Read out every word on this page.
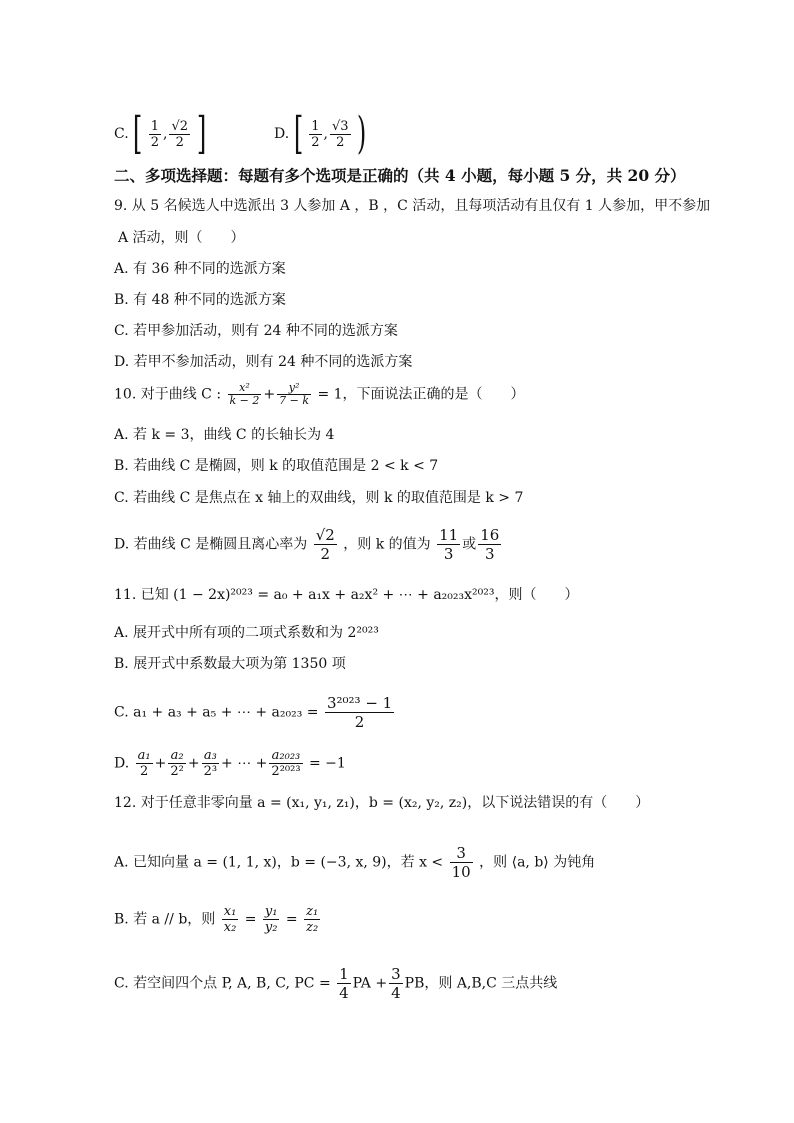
C. [ $\frac{1}{2}$ , $\frac{√2}{2}$ ]	D. [ $\frac{1}{2}$ , $\frac{√3}{2}$ )
二、多项选择题：每题有多个选项是正确的（共 4 小题，每小题 5 分，共 20 分）
9. 从 5 名候选人中选派出 3 人参加 A ，B ，C 活动，且每项活动有且仅有 1 人参加，甲不参加
A 活动，则（　　）
A. 有 36 种不同的选派方案
B. 有 48 种不同的选派方案
C. 若甲参加活动，则有 24 种不同的选派方案
D. 若甲不参加活动，则有 24 种不同的选派方案
10. 对于曲线 C : $\frac{\text{x²}}{k - 2} + \frac{\text{y²}}{7 - k} = 1$，下面说法正确的是（　　）
A. 若 k = 3，曲线 C 的长轴长为 4
B. 若曲线 C 是椭圆，则 k 的取值范围是 2 < k < 7
C. 若曲线 C 是焦点在 x 轴上的双曲线，则 k 的取值范围是 k > 7
D. 若曲线 C 是椭圆且离心率为 $\frac{√2}{2}$ ，则 k 的值为 $\frac{11}{3}$ 或 $\frac{16}{3}$
11. 已知 (1 − 2x)²⁰²³ = a₀ + a₁x + a₂x² + ⋯ + a₂₀₂₃x²⁰²³，则（　　）
A. 展开式中所有项的二项式系数和为 2²⁰²³
B. 展开式中系数最大项为第 1350 项
C. a₁ + a₃ + a₅ + ⋯ + $a_{2023} = \frac{\text{3²⁰²³ − 1}}{2}$
D. $\frac{\text{a₁}}{2} + \frac{\text{a₂}}{\text{2²}} + \frac{\text{a₃}}{\text{2³}}$ + ⋯ + $\frac{\text{a₂₀₂₃}}{\text{2²⁰²³}} = -1$
12. 对于任意非零向量 a = (x₁, y₁, z₁)，b = (x₂, y₂, z₂)，以下说法错误的有（　　）
A. 已知向量 a = (1, 1, x)，b = (−3, x, 9)，若 $x < \frac{3}{10}$ ，则 ⟨a, b⟩ 为钝角
B. 若 a // b，则 $\frac{\text{x₁}}{\text{x₂}} = \frac{\text{y₁}}{\text{y₂}} = \frac{\text{z₁}}{\text{z₂}}$
C. 若空间四个点 P, A, B, C, PC = $\frac{1}{4}$ PA + $\frac{3}{4}$ PB，则 A,B,C 三点共线
